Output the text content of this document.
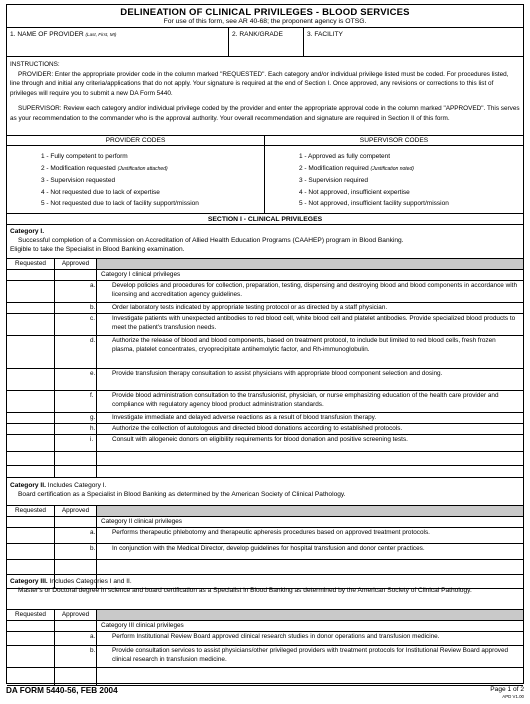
DELINEATION OF CLINICAL PRIVILEGES - BLOOD SERVICES
For use of this form, see AR 40-68; the proponent agency is OTSG.
1. NAME OF PROVIDER (Last, First, MI)	2. RANK/GRADE	3. FACILITY

INSTRUCTIONS:

PROVIDER: Enter the appropriate provider code in the column marked "REQUESTED". Each category and/or individual privilege listed must be coded. For procedures listed, line through and initial any criteria/applications that do not apply. Your signature is required at the end of Section I. Once approved, any revisions or corrections to this list of privileges will require you to submit a new DA Form 5440.

SUPERVISOR: Review each category and/or individual privilege coded by the provider and enter the appropriate approval code in the column marked "APPROVED". This serves as your recommendation to the commander who is the approval authority. Your overall recommendation and signature are required in Section II of this form.

PROVIDER CODES
1 - Fully competent to perform
2 - Modification requested (Justification attached)
3 - Supervision requested
4 - Not requested due to lack of expertise
5 - Not requested due to lack of facility support/mission
SUPERVISOR CODES
1 - Approved as fully competent
2 - Modification required (Justification noted)
3 - Supervision required
4 - Not approved, insufficient expertise
5 - Not approved, insufficient facility support/mission
SECTION I - CLINICAL PRIVILEGES
Category I.
Successful completion of a Commission on Accreditation of Allied Health Education Programs (CAAHEP) program in Blood Banking.
Eligible to take the Specialist in Blood Banking examination.
Requested	Approved
Category I clinical privileges
a.	Develop policies and procedures for collection, preparation, testing, dispensing and destroying blood and blood components in accordance with licensing and accreditation agency guidelines.
b.	Order laboratory tests indicated by appropriate testing protocol or as directed by a staff physician.
c.	Investigate patients with unexpected antibodies to red blood cell, white blood cell and platelet antibodies. Provide specialized blood products to meet the patient's transfusion needs.
d.	Authorize the release of blood and blood components, based on treatment protocol, to include but limited to red blood cells, fresh frozen plasma, platelet concentrates, cryoprecipitate antihemolytic factor, and Rh-immunoglobulin.
e.	Provide transfusion therapy consultation to assist physicians with appropriate blood component selection and dosing.
f.	Provide blood administration consultation to the transfusionist, physician, or nurse emphasizing education of the health care provider and compliance with regulatory agency blood product administration standards.
g.	Investigate immediate and delayed adverse reactions as a result of blood transfusion therapy.
h.	Authorize the collection of autologous and directed blood donations according to established protocols.
i.	Consult with allogeneic donors on eligibility requirements for blood donation and positive screening tests.
Category II. Includes Category I.
Board certification as a Specialist in Blood Banking as determined by the American Society of Clinical Pathology.
Requested	Approved
Category II clinical privileges
a.	Performs therapeutic phlebotomy and therapeutic apheresis procedures based on approved treatment protocols.
b.	In conjunction with the Medical Director, develop guidelines for hospital transfusion and donor center practices.
Category III. Includes Categories I and II.
Master's or Doctoral degree in science and board certification as a Specialist in Blood Banking as determined by the American Society of Clinical Pathology.
Requested	Approved
Category III clinical privileges
a.	Perform Institutional Review Board approved clinical research studies in donor operations and transfusion medicine.
b.	Provide consultation services to assist physicians/other privileged providers with treatment protocols for Institutional Review Board approved clinical research in transfusion medicine.
DA FORM 5440-56, FEB 2004	Page 1 of 2
APD V1.00
